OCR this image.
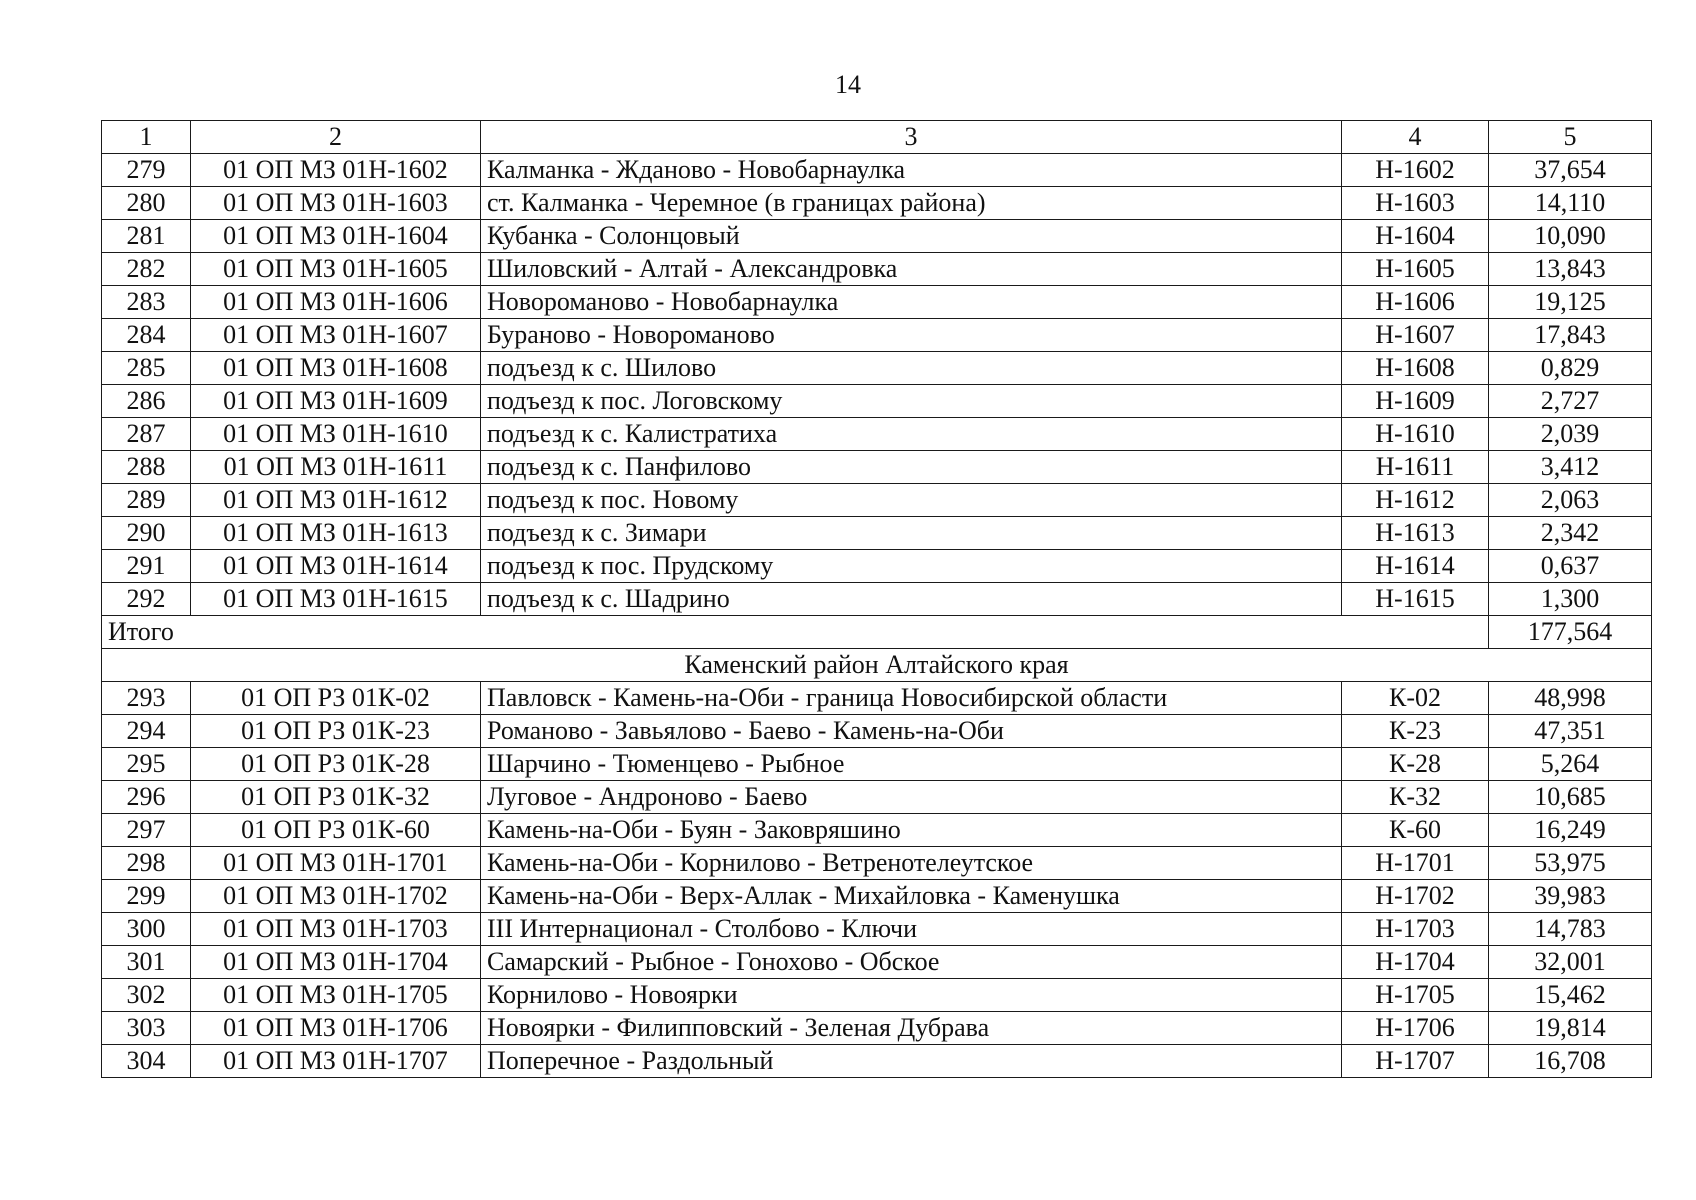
14
1	2	3	4	5
279	01 ОП МЗ 01Н-1602	Калманка - Жданово - Новобарнаулка	Н-1602	37,654
280	01 ОП МЗ 01Н-1603	ст. Калманка - Черемное (в границах района)	Н-1603	14,110
281	01 ОП МЗ 01Н-1604	Кубанка - Солонцовый	Н-1604	10,090
282	01 ОП МЗ 01Н-1605	Шиловский - Алтай - Александровка	Н-1605	13,843
283	01 ОП МЗ 01Н-1606	Новороманово - Новобарнаулка	Н-1606	19,125
284	01 ОП МЗ 01Н-1607	Бураново - Новороманово	Н-1607	17,843
285	01 ОП МЗ 01Н-1608	подъезд к с. Шилово	Н-1608	0,829
286	01 ОП МЗ 01Н-1609	подъезд к пос. Логовскому	Н-1609	2,727
287	01 ОП МЗ 01Н-1610	подъезд к с. Калистратиха	Н-1610	2,039
288	01 ОП МЗ 01Н-1611	подъезд к с. Панфилово	Н-1611	3,412
289	01 ОП МЗ 01Н-1612	подъезд к пос. Новому	Н-1612	2,063
290	01 ОП МЗ 01Н-1613	подъезд к с. Зимари	Н-1613	2,342
291	01 ОП МЗ 01Н-1614	подъезд к пос. Прудскому	Н-1614	0,637
292	01 ОП МЗ 01Н-1615	подъезд к с. Шадрино	Н-1615	1,300
Итого				177,564
Каменский район Алтайского края				
293	01 ОП РЗ 01К-02	Павловск - Камень-на-Оби - граница Новосибирской области	К-02	48,998
294	01 ОП РЗ 01К-23	Романово - Завьялово - Баево - Камень-на-Оби	К-23	47,351
295	01 ОП РЗ 01К-28	Шарчино - Тюменцево - Рыбное	К-28	5,264
296	01 ОП РЗ 01К-32	Луговое - Андроново - Баево	К-32	10,685
297	01 ОП РЗ 01К-60	Камень-на-Оби - Буян - Заковряшино	К-60	16,249
298	01 ОП МЗ 01Н-1701	Камень-на-Оби - Корнилово - Ветренотелеутское	Н-1701	53,975
299	01 ОП МЗ 01Н-1702	Камень-на-Оби - Верх-Аллак - Михайловка - Каменушка	Н-1702	39,983
300	01 ОП МЗ 01Н-1703	III Интернационал - Столбово - Ключи	Н-1703	14,783
301	01 ОП МЗ 01Н-1704	Самарский - Рыбное - Гонохово - Обское	Н-1704	32,001
302	01 ОП МЗ 01Н-1705	Корнилово - Новоярки	Н-1705	15,462
303	01 ОП МЗ 01Н-1706	Новоярки - Филипповский - Зеленая Дубрава	Н-1706	19,814
304	01 ОП МЗ 01Н-1707	Поперечное - Раздольный	Н-1707	16,708
